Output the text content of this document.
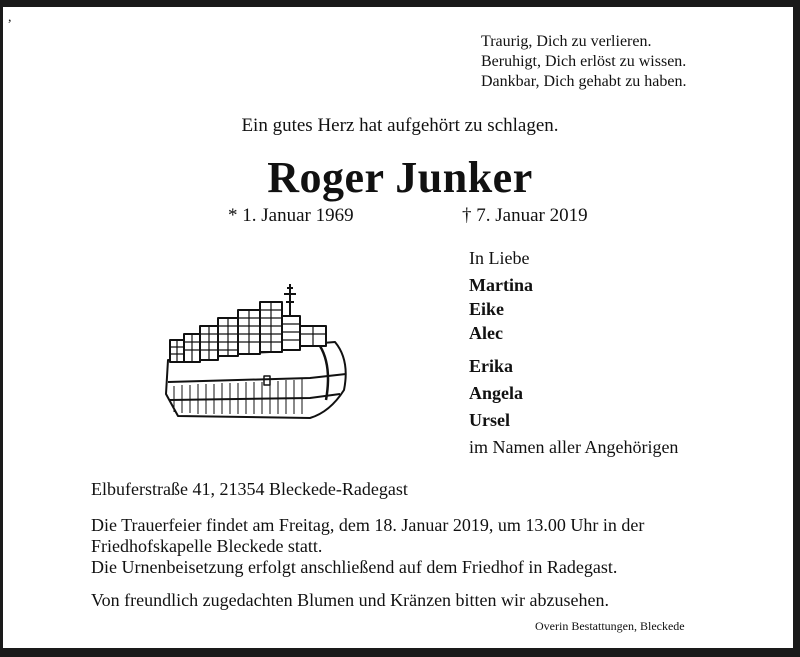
,
Traurig, Dich zu verlieren.
Beruhigt, Dich erlöst zu wissen.
Dankbar, Dich gehabt zu haben.
Ein gutes Herz hat aufgehört zu schlagen.
Roger Junker
* 1. Januar 1969	† 7. Januar 2019
In Liebe
Martina
Eike
Alec
Erika
Angela
Ursel
im Namen aller Angehörigen
Elbuferstraße 41, 21354 Bleckede-Radegast
Die Trauerfeier findet am Freitag, dem 18. Januar 2019, um 13.00 Uhr in der
Friedhofskapelle Bleckede statt.
Die Urnenbeisetzung erfolgt anschließend auf dem Friedhof in Radegast.
Von freundlich zugedachten Blumen und Kränzen bitten wir abzusehen.
Overin Bestattungen, Bleckede
